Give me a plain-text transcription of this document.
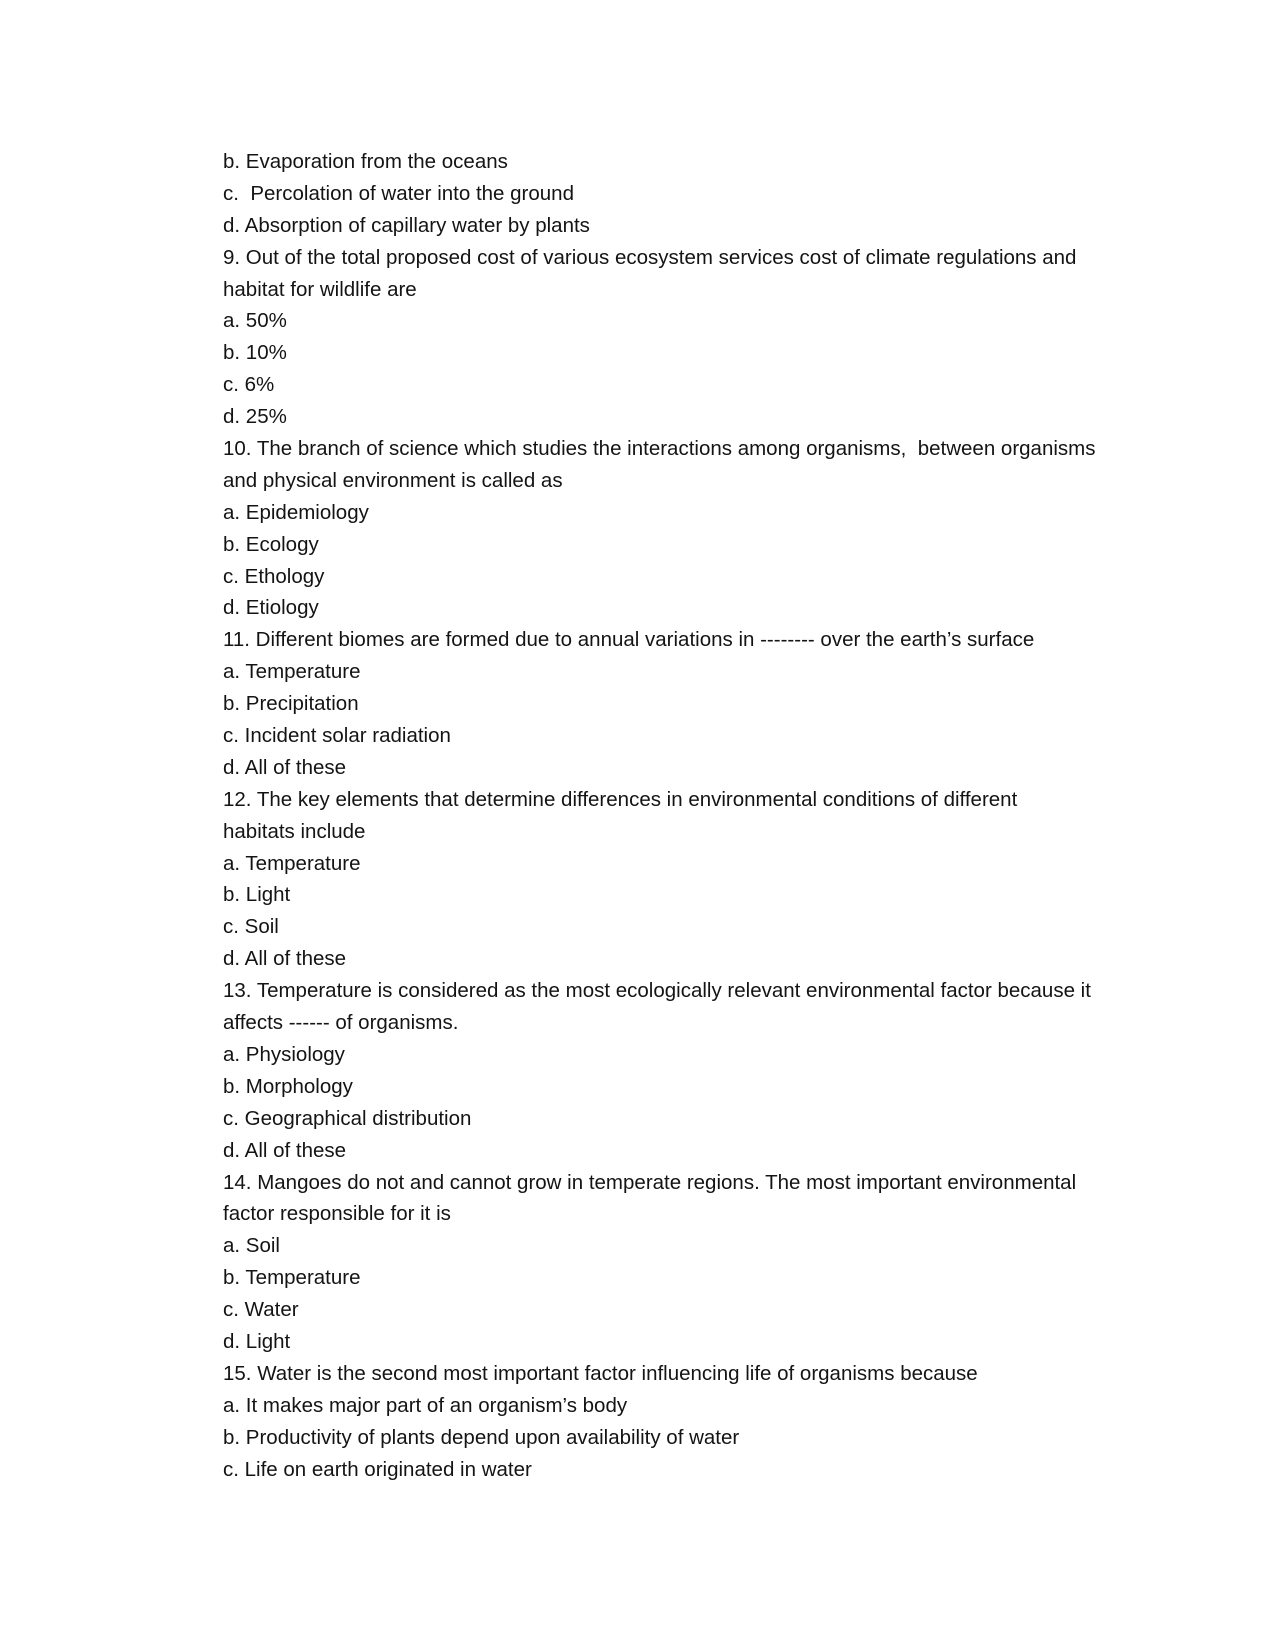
b. Evaporation from the oceans

c.  Percolation of water into the ground

d. Absorption of capillary water by plants

9. Out of the total proposed cost of various ecosystem services cost of climate regulations and

habitat for wildlife are

a. 50%

b. 10%

c. 6%

d. 25%

10. The branch of science which studies the interactions among organisms,  between organisms

and physical environment is called as

a. Epidemiology

b. Ecology

c. Ethology

d. Etiology

11. Different biomes are formed due to annual variations in -------- over the earth’s surface

a. Temperature

b. Precipitation

c. Incident solar radiation

d. All of these

12. The key elements that determine differences in environmental conditions of different

habitats include

a. Temperature

b. Light

c. Soil

d. All of these

13. Temperature is considered as the most ecologically relevant environmental factor because it

affects ------ of organisms.

a. Physiology

b. Morphology

c. Geographical distribution

d. All of these

14. Mangoes do not and cannot grow in temperate regions. The most important environmental

factor responsible for it is

a. Soil

b. Temperature

c. Water

d. Light

15. Water is the second most important factor influencing life of organisms because

a. It makes major part of an organism’s body

b. Productivity of plants depend upon availability of water

c. Life on earth originated in water
